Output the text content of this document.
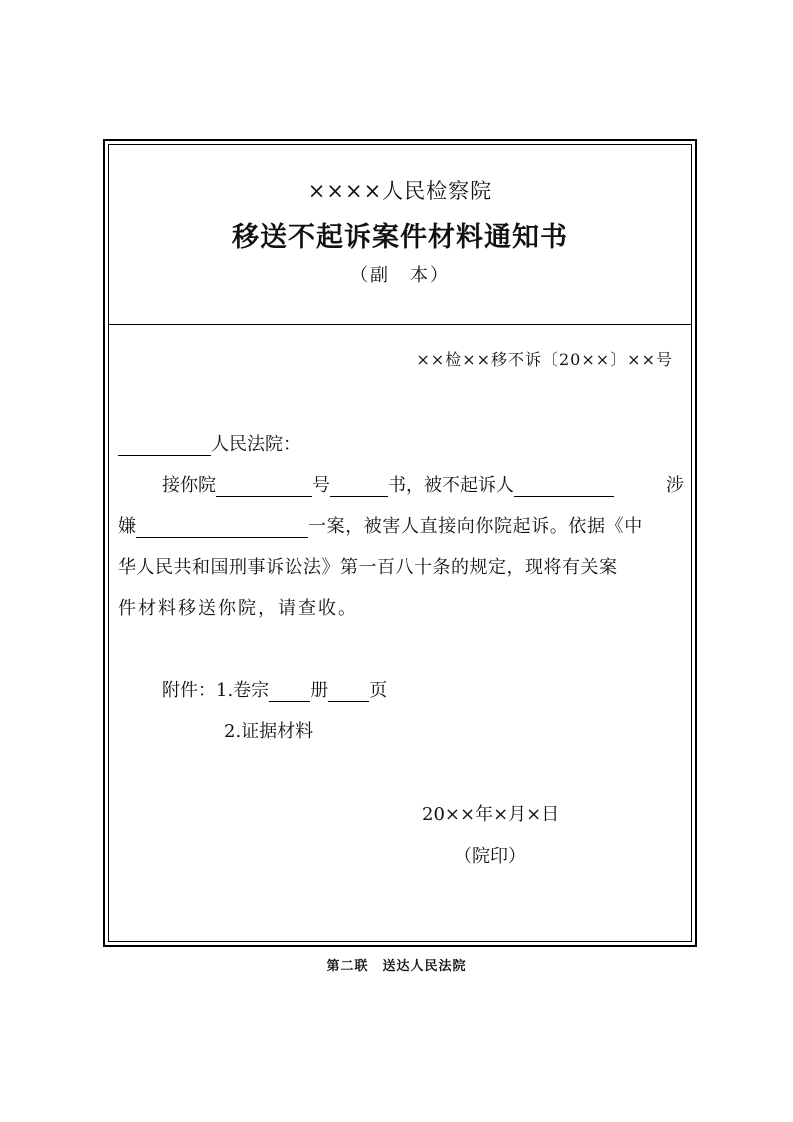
××××人民检察院
移送不起诉案件材料通知书
（副　本）
××检××移不诉〔20××〕××号
人民法院：
接你院	号	书，被不起诉人	涉
嫌	一案，被害人直接向你院起诉。依据《中
华人民共和国刑事诉讼法》第一百八十条的规定，现将有关案
件材料移送你院，请查收。
附件：1.卷宗 册 页
2.证据材料
20××年×月×日
（院印）
第二联　送达人民法院
